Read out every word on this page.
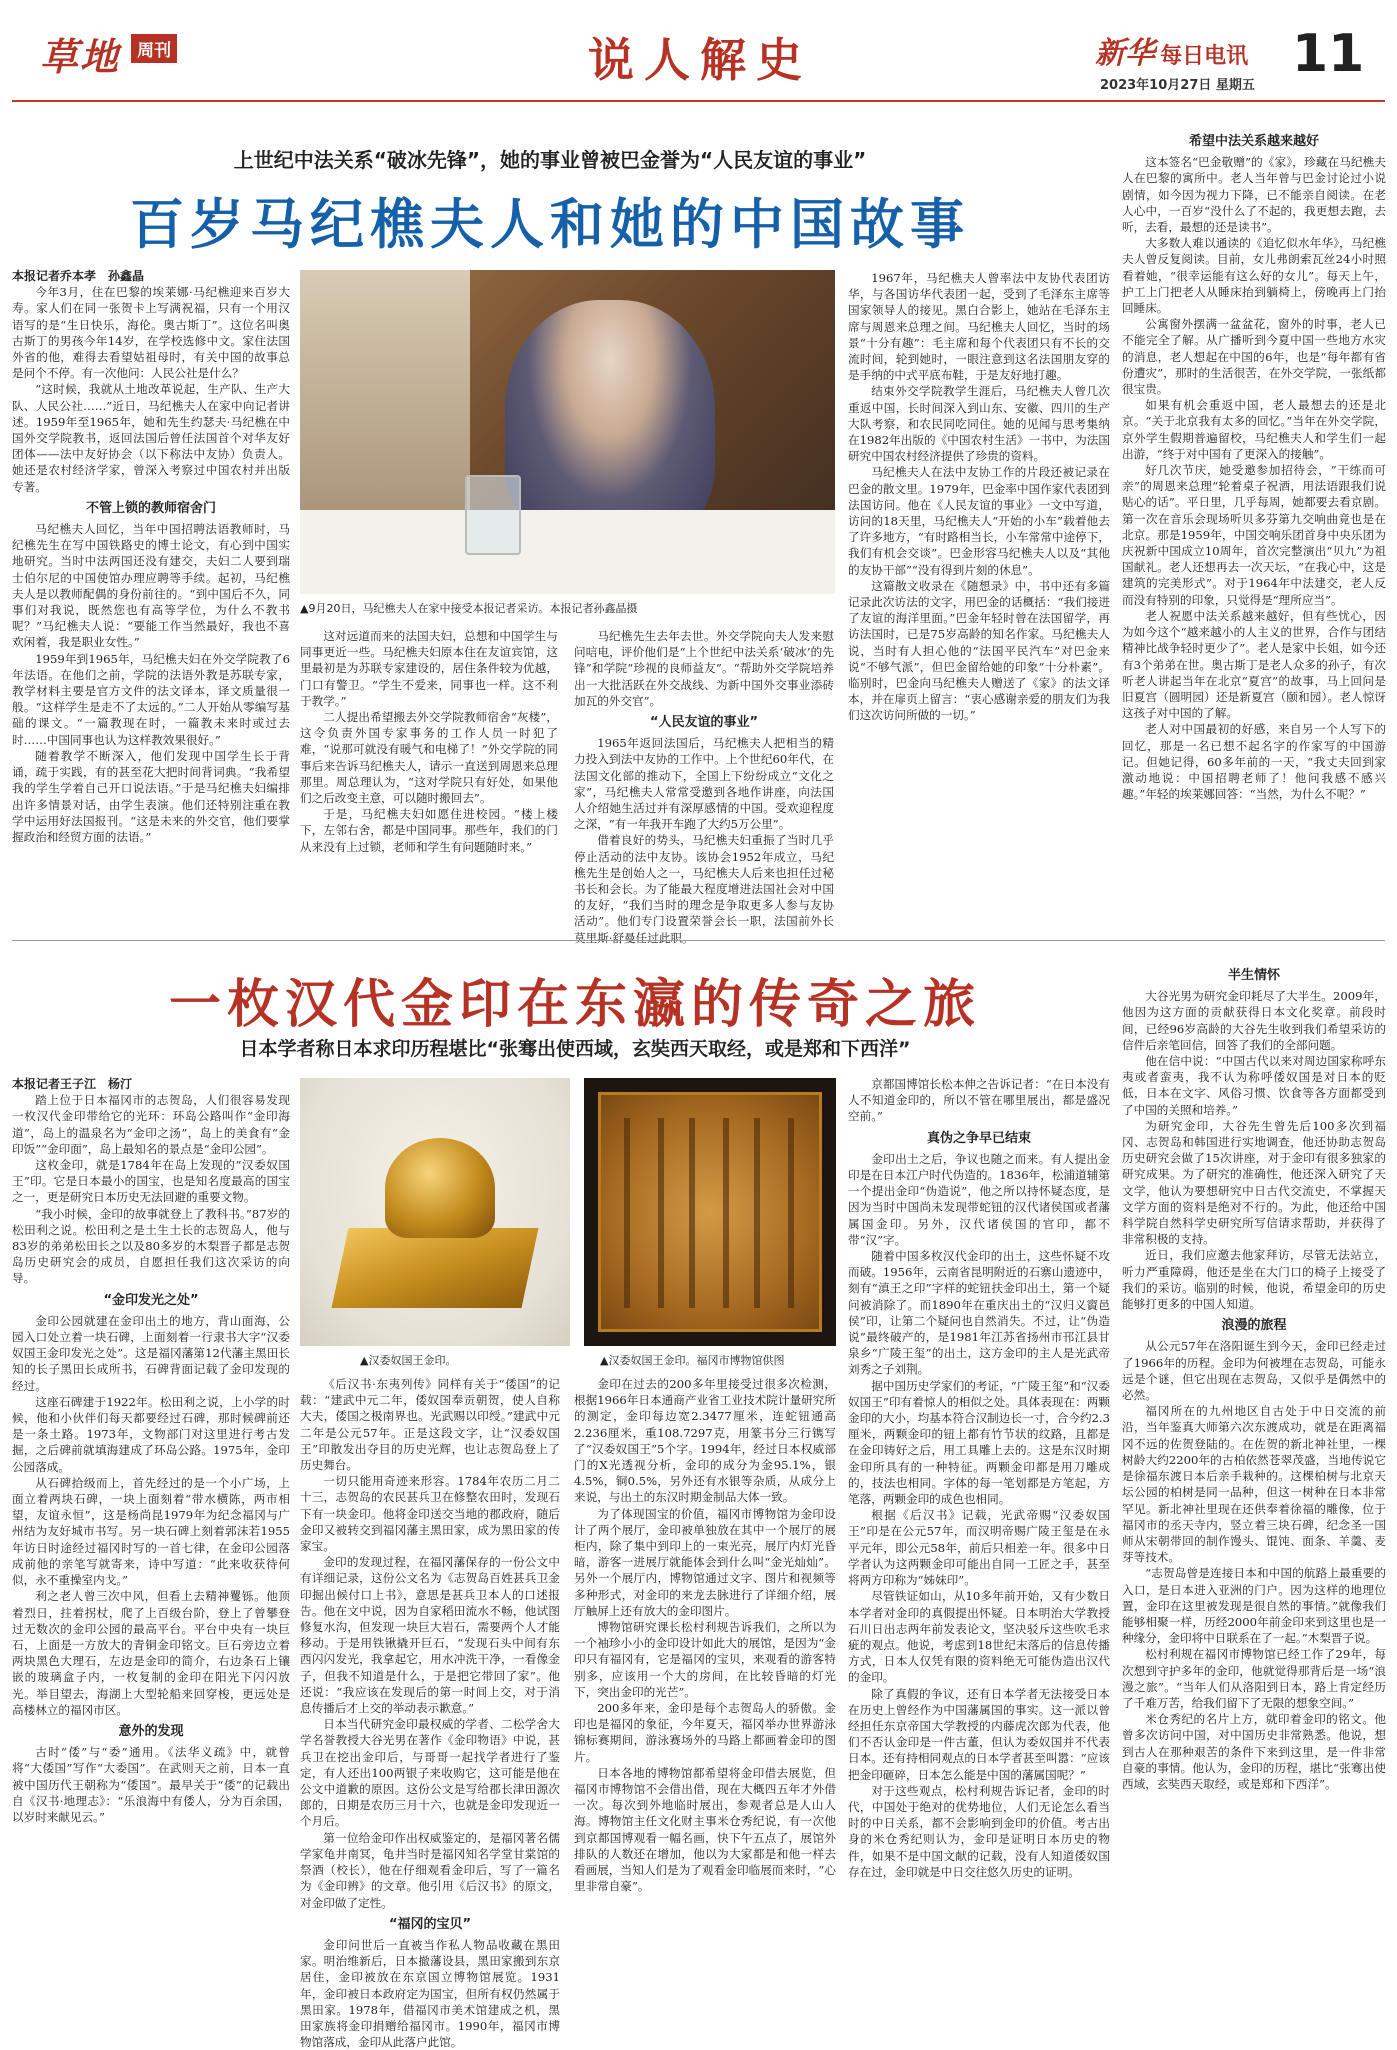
草地 周刊	说人解史	新华 每日电讯
2023年10月27日 星期五
11
上世纪中法关系“破冰先锋”，她的事业曾被巴金誉为“人民友谊的事业”
百岁马纪樵夫人和她的中国故事

本报记者乔本孝　孙鑫晶

今年3月，住在巴黎的埃莱娜·马纪樵迎来百岁大寿。家人们在同一张贺卡上写满祝福，只有一个用汉语写的是“生日快乐，海伦。奥古斯丁”。这位名叫奥古斯丁的男孩今年14岁，在学校选修中文。家住法国外省的他，难得去看望姑祖母时，有关中国的故事总是问个不停。有一次他问：人民公社是什么？

“这时候，我就从土地改革说起，生产队、生产大队、人民公社……”近日，马纪樵夫人在家中向记者讲述。1959年至1965年，她和先生约瑟夫·马纪樵在中国外交学院教书，返回法国后曾任法国首个对华友好团体——法中友好协会（以下称法中友协）负责人。她还是农村经济学家，曾深入考察过中国农村并出版专著。

不管上锁的教师宿舍门

马纪樵夫人回忆，当年中国招聘法语教师时，马纪樵先生在写中国铁路史的博士论文，有心到中国实地研究。当时中法两国还没有建交，夫妇二人要到瑞士伯尔尼的中国使馆办理应聘等手续。起初，马纪樵夫人是以教师配偶的身份前往的。“到中国后不久，同事们对我说，既然您也有高等学位，为什么不教书呢？”马纪樵夫人说：“要能工作当然最好，我也不喜欢闲着，我是职业女性。”

1959年到1965年，马纪樵夫妇在外交学院教了6年法语。在他们之前，学院的法语外教是苏联专家，教学材料主要是官方文件的法文译本，译文质量很一般。“这样学生是走不了太远的。”二人开始从零编写基础的课文。“一篇教现在时，一篇教未来时或过去时……中国同事也认为这样教效果很好。”

随着教学不断深入，他们发现中国学生长于背诵，疏于实践，有的甚至花大把时间背词典。“我希望我的学生学着自己开口说法语。”于是马纪樵夫妇编排出许多情景对话，由学生表演。他们还特别注重在教学中运用好法国报刊。“这是未来的外交官，他们要掌握政治和经贸方面的法语。”

▲9月20日，马纪樵夫人在家中接受本报记者采访。本报记者孙鑫晶摄

这对远道而来的法国夫妇，总想和中国学生与同事更近一些。马纪樵夫妇原本住在友谊宾馆，这里最初是为苏联专家建设的，居住条件较为优越，门口有警卫。“学生不爱来，同事也一样。这不利于教学。”

二人提出希望搬去外交学院教师宿舍“灰楼”，这令负责外国专家事务的工作人员一时犯了难，“说那可就没有暖气和电梯了！”外交学院的同事后来告诉马纪樵夫人，请示一直送到周恩来总理那里。周总理认为，“这对学院只有好处，如果他们之后改变主意，可以随时搬回去”。

于是，马纪樵夫妇如愿住进校园。“楼上楼下，左邻右舍，都是中国同事。那些年，我们的门从来没有上过锁，老师和学生有问题随时来。”

马纪樵先生去年去世。外交学院向夫人发来慰问唁电，评价他们是“上个世纪中法关系‘破冰’的先锋”和学院“珍视的良师益友”。“帮助外交学院培养出一大批活跃在外交战线、为新中国外交事业添砖加瓦的外交官”。

“人民友谊的事业”

1965年返回法国后，马纪樵夫人把相当的精力投入到法中友协的工作中。上个世纪60年代，在法国文化部的推动下，全国上下纷纷成立“文化之家”，马纪樵夫人常常受邀到各地作讲座，向法国人介绍她生活过并有深厚感情的中国。受欢迎程度之深，“有一年我开车跑了大约5万公里”。

借着良好的势头，马纪樵夫妇重振了当时几乎停止活动的法中友协。该协会1952年成立，马纪樵先生是创始人之一，马纪樵夫人后来也担任过秘书长和会长。为了能最大程度增进法国社会对中国的友好，“我们当时的理念是争取更多人参与友协活动”。他们专门设置荣誉会长一职，法国前外长莫里斯·舒曼任过此职。

1967年，马纪樵夫人曾率法中友协代表团访华，与各国访华代表团一起，受到了毛泽东主席等国家领导人的接见。黑白合影上，她站在毛泽东主席与周恩来总理之间。马纪樵夫人回忆，当时的场景“十分有趣”：毛主席和每个代表团只有不长的交流时间，轮到她时，一眼注意到这名法国朋友穿的是手纳的中式平底布鞋，于是友好地打趣。

结束外交学院教学生涯后，马纪樵夫人曾几次重返中国，长时间深入到山东、安徽、四川的生产大队考察，和农民同吃同住。她的见闻与思考集纳在1982年出版的《中国农村生活》一书中，为法国研究中国农村经济提供了珍贵的资料。

马纪樵夫人在法中友协工作的片段还被记录在巴金的散文里。1979年，巴金率中国作家代表团到法国访问。他在《人民友谊的事业》一文中写道，访问的18天里，马纪樵夫人“开始的小车”载着他去了许多地方，“有时路相当长，小车常常中途停下，我们有机会交谈”。巴金形容马纪樵夫人以及“其他的友协干部”“没有得到片刻的休息”。

这篇散文收录在《随想录》中，书中还有多篇记录此次访法的文字，用巴金的话概括：“我们接进了友谊的海洋里面。”巴金年轻时曾在法国留学，再访法国时，已是75岁高龄的知名作家。马纪樵夫人说，当时有人担心他的“法国平民汽车”对巴金来说“不够气派”，但巴金留给她的印象“十分朴素”。临别时，巴金向马纪樵夫人赠送了《家》的法文译本，并在扉页上留言：“衷心感谢亲爱的朋友们为我们这次访问所做的一切。”

希望中法关系越来越好

这本签名“巴金敬赠”的《家》，珍藏在马纪樵夫人在巴黎的寓所中。老人当年曾与巴金讨论过小说剧情，如今因为视力下降，已不能亲自阅读。在老人心中，一百岁“没什么了不起的，我更想去跑，去听，去看，最想的还是读书”。

大多数人难以通读的《追忆似水年华》，马纪樵夫人曾反复阅读。目前，女儿弗朗索瓦丝24小时照看着她，“很幸运能有这么好的女儿”。每天上午，护工上门把老人从睡床抬到躺椅上，傍晚再上门抬回睡床。

公寓窗外摆满一盆盆花，窗外的时事，老人已不能完全了解。从广播听到今夏中国一些地方水灾的消息，老人想起在中国的6年，也是“每年都有省份遭灾”，那时的生活很苦，在外交学院，一张纸都很宝贵。

如果有机会重返中国，老人最想去的还是北京。“关于北京我有太多的回忆。”当年在外交学院，京外学生假期普遍留校，马纪樵夫人和学生们一起出游，“终于对中国有了更深入的接触”。

好几次节庆，她受邀参加招待会，“干练而可亲”的周恩来总理“轮着桌子祝酒，用法语跟我们说贴心的话”。平日里，几乎每周，她都要去看京剧。第一次在音乐会现场听贝多芬第九交响曲竟也是在北京。那是1959年，中国交响乐团首身中央乐团为庆祝新中国成立10周年，首次完整演出“贝九”为祖国献礼。老人还想再去一次天坛，“在我心中，这是建筑的完美形式”。对于1964年中法建交，老人反而没有特别的印象，只觉得是“理所应当”。

老人祝愿中法关系越来越好，但有些忧心，因为如今这个“越来越小的人主义的世界，合作与团结精神比战争轻时更少了”。老人是家中长姐，如今还有3个弟弟在世。奥古斯丁是老人众多的孙子，有次听老人讲起当年在北京“夏宫”的故事，马上回问是旧夏宫（圆明园）还是新夏宫（颐和园）。老人惊讶这孩子对中国的了解。

老人对中国最初的好感，来自另一个人写下的回忆，那是一名已想不起名字的作家写的中国游记。但她记得，60多年前的一天，“我丈夫回到家激动地说：中国招聘老师了！他问我感不感兴趣。”年轻的埃莱娜回答：“当然，为什么不呢？”

一枚汉代金印在东瀛的传奇之旅
日本学者称日本求印历程堪比“张骞出使西域，玄奘西天取经，或是郑和下西洋”

本报记者王子江　杨汀

踏上位于日本福冈市的志贺岛，人们很容易发现一枚汉代金印带给它的光环：环岛公路叫作“金印海道”，岛上的温泉名为“金印之汤”，岛上的美食有“金印饭”“金印面”，岛上最知名的景点是“金印公园”。

这枚金印，就是1784年在岛上发现的“汉委奴国王”印。它是日本最小的国宝，也是知名度最高的国宝之一，更是研究日本历史无法回避的重要文物。

“我小时候，金印的故事就登上了教科书。”87岁的松田利之说。松田利之是土生土长的志贺岛人，他与83岁的弟弟松田长之以及80多岁的木梨晋子都是志贺岛历史研究会的成员，自愿担任我们这次采访的向导。

“金印发光之处”

金印公园就建在金印出土的地方，背山面海，公园入口处立着一块石碑，上面刻着一行隶书大字“汉委奴国王金印发光之处”。这是福冈藩第12代藩主黑田长知的长子黑田长成所书，石碑背面记载了金印发现的经过。

这座石碑建于1922年。松田利之说，上小学的时候，他和小伙伴们每天都要经过石碑，那时候碑前还是一条土路。1973年，文物部门对这里进行考古发掘，之后碑前就填海建成了环岛公路。1975年，金印公园落成。

从石碑拾级而上，首先经过的是一个小广场，上面立着两块石碑，一块上面刻着“带水横陈，两市相望，友谊永恒”，这是杨尚昆1979年为纪念福冈与广州结为友好城市书写。另一块石碑上刻着郭沫若1955年访日时途经过福冈时写的一首七律，在金印公园落成前他的亲笔写就寄来，诗中写道：“此来收获待何似，永不重操室内戈。”

利之老人曾三次中风，但看上去精神矍铄。他顶着烈日，拄着拐杖，爬了上百级台阶，登上了曾攀登过无数次的金印公园的最高平台。平台中央有一块巨石，上面是一方放大的青铜金印铭文。巨石旁边立着两块黑色大理石，左边是金印的简介，右边条石上镶嵌的玻璃盒子内，一枚复制的金印在阳光下闪闪放光。举目望去，海湖上大型轮船来回穿梭，更远处是高楼林立的福冈市区。

意外的发现

古时“倭”与“委”通用。《法华义疏》中，就曾将“大倭国”写作“大委国”。在武则天之前，日本一直被中国历代王朝称为“倭国”。最早关于“倭”的记载出自《汉书·地理志》：“乐浪海中有倭人，分为百余国，以岁时来献见云。”

▲汉委奴国王金印。	▲汉委奴国王金印。福冈市博物馆供图

《后汉书·东夷列传》同样有关于“倭国”的记载：“建武中元二年，倭奴国奉贡朝贺，使人自称大夫，倭国之极南界也。光武赐以印绶。”建武中元二年是公元57年。正是这段文字，让“汉委奴国王”印散发出夺目的历史光辉，也让志贺岛登上了历史舞台。

一切只能用奇迹来形容。1784年农历二月二十三，志贺岛的农民甚兵卫在修整农田时，发现石下有一块金印。他将金印送交当地的郡政府，随后金印又被转交到福冈藩主黑田家，成为黑田家的传家宝。

金印的发现过程，在福冈藩保存的一份公文中有详细记录，这份公文名为《志贺岛百姓甚兵卫金印掘出候付口上书》，意思是甚兵卫本人的口述报告。他在文中说，因为自家稻田流水不畅，他试图修复水沟，但发现一块巨大岩石，需要两个人才能移动。于是用铁锹撬开巨石，“发现石头中间有东西闪闪发光，我拿起它，用水冲洗干净，一看像金子，但我不知道是什么，于是把它带回了家”。他还说：“我应该在发现后的第一时间上交，对于消息传播后才上交的举动表示歉意。”

日本当代研究金印最权威的学者、二松学舍大学名誉教授大谷光男在著作《金印物语》中说，甚兵卫在挖出金印后，与哥哥一起找学者进行了鉴定，有人还出100两银子来收购它，这可能是他在公文中道歉的原因。这份公文是写给郡长津田源次郎的，日期是农历三月十六，也就是金印发现近一个月后。

第一位给金印作出权威鉴定的，是福冈著名儒学家龟井南冥，龟井当时是福冈知名学堂甘棠馆的祭酒（校长），他在仔细观看金印后，写了一篇名为《金印辨》的文章。他引用《后汉书》的原文，对金印做了定性。

“福冈的宝贝”

金印问世后一直被当作私人物品收藏在黑田家。明治维新后，日本撤藩设县，黑田家搬到东京居住，金印被放在东京国立博物馆展览。1931年，金印被日本政府定为国宝，但所有权仍然属于黑田家。1978年，借福冈市美术馆建成之机，黑田家族将金印捐赠给福冈市。1990年，福冈市博物馆落成，金印从此落户此馆。

金印在过去的200多年里接受过很多次检测，根据1966年日本通商产业省工业技术院计量研究所的测定，金印每边宽2.3477厘米，连蛇钮通高2.236厘米，重108.7297克，用篆书分三行镌写了“汉委奴国王”5个字。1994年，经过日本权威部门的X光透视分析，金印的成分为金95.1%，银4.5%，铜0.5%，另外还有水银等杂质，从成分上来说，与出土的东汉时期金制品大体一致。

为了体现国宝的价值，福冈市博物馆为金印设计了两个展厅，金印被单独放在其中一个展厅的展柜内，除了集中到印上的一束光亮，展厅内灯光昏暗，游客一进展厅就能体会到什么叫“金光灿灿”。另外一个展厅内，博物馆通过文字、图片和视频等多种形式，对金印的来龙去脉进行了详细介绍，展厅触屏上还有放大的金印图片。

博物馆研究课长松村利规告诉我们，之所以为一个袖珍小小的金印设计如此大的展馆，是因为“金印只有福冈有，它是福冈的宝贝，来观看的游客特别多，应该用一个大的房间，在比较昏暗的灯光下，突出金印的光芒”。

200多年来，金印是每个志贺岛人的骄傲。金印也是福冈的象征，今年夏天，福冈举办世界游泳锦标赛期间，游泳赛场外的马路上都画着金印的图片。

日本各地的博物馆都希望将金印借去展览，但福冈市博物馆不会借出借，现在大概四五年才外借一次。每次到外地临时展出，参观者总是人山人海。博物馆主任文化财主事米仓秀纪说，有一次他到京都国博观看一幅名画，快下午五点了，展馆外排队的人数还在增加，他以为大家都是和他一样去看画展，当知人们是为了观看金印临展而来时，“心里非常自豪”。

京都国博馆长松本伸之告诉记者：“在日本没有人不知道金印的，所以不管在哪里展出，都是盛况空前。”

真伪之争早已结束

金印出土之后，争议也随之而来。有人提出金印是在日本江户时代伪造的。1836年，松浦道辅第一个提出金印“伪造说”，他之所以持怀疑态度，是因为当时中国尚未发现带蛇钮的汉代诸侯国或者藩属国金印。另外，汉代诸侯国的官印，都不带“汉”字。

随着中国多枚汉代金印的出土，这些怀疑不攻而破。1956年，云南省昆明附近的石寨山遗迹中，刻有“滇王之印”字样的蛇钮扶金印出土，第一个疑问被消除了。而1890年在重庆出土的“汉归义賨邑侯”印，让第二个疑问也自然消失。不过，让“伪造说”最终破产的，是1981年江苏省扬州市邗江县甘泉乡“广陵王玺”的出土，这方金印的主人是光武帝刘秀之子刘荆。

据中国历史学家们的考证，“广陵王玺”和“汉委奴国王”印有着惊人的相似之处。具体表现在：两颗金印的大小，均基本符合汉制边长一寸，合今约2.3厘米，两颗金印的钮上都有竹节状的纹路，且都是在金印铸好之后，用工具雕上去的。这是东汉时期金印所具有的一种特征。两颗金印都是用刀雕成的，技法也相同。字体的每一笔划都是方笔起，方笔落，两颗金印的成色也相同。

根据《后汉书》记载，光武帝赐“汉委奴国王”印是在公元57年，而汉明帝赐广陵王玺是在永平元年，即公元58年，前后只相差一年。很多中日学者认为这两颗金印可能出自同一工匠之手，甚至将两方印称为“姊妹印”。

尽管铁证如山，从10多年前开始，又有少数日本学者对金印的真假提出怀疑。日本明治大学教授石川日出志两年前发表论文，坚决驳斥这些吹毛求疵的观点。他说，考虑到18世纪末落后的信息传播方式，日本人仅凭有限的资料绝无可能伪造出汉代的金印。

除了真假的争议，还有日本学者无法接受日本在历史上曾经作为中国藩属国的事实。这一派以曾经担任东京帝国大学教授的内藤虎次郎为代表，他们不否认金印是一件古董，但认为委奴国并不代表日本。还有持相同观点的日本学者甚至叫嚣：“应该把金印砸碎，日本怎么能是中国的藩属国呢？”

对于这些观点，松村利规告诉记者，金印的时代，中国处于绝对的优势地位，人们无论怎么看当时的中日关系，都不会影响到金印的价值。考古出身的米仓秀纪则认为，金印是证明日本历史的物件，如果不是中国文献的记载，没有人知道倭奴国存在过，金印就是中日交往悠久历史的证明。

半生情怀

大谷光男为研究金印耗尽了大半生。2009年，他因为这方面的贡献获得日本文化奖章。前段时间，已经96岁高龄的大谷先生收到我们希望采访的信件后亲笔回信，回答了我们的全部问题。

他在信中说：“中国古代以来对周边国家称呼东夷或者蛮夷，我不认为称呼倭奴国是对日本的贬低，日本在文字、风俗习惯、饮食等各方面都受到了中国的关照和培养。”

为研究金印，大谷先生曾先后100多次到福冈、志贺岛和韩国进行实地调查，他还协助志贺岛历史研究会做了15次讲座，对于金印有很多独家的研究成果。为了研究的准确性，他还深入研究了天文学，他认为要想研究中日古代交流史，不掌握天文学方面的资料是绝对不行的。为此，他还给中国科学院自然科学史研究所写信请求帮助，并获得了非常积极的支持。

近日，我们应邀去他家拜访，尽管无法站立，听力严重障碍，他还是坐在大门口的椅子上接受了我们的采访。临别的时候，他说，希望金印的历史能够打更多的中国人知道。

浪漫的旅程

从公元57年在洛阳诞生到今天，金印已经走过了1966年的历程。金印为何被埋在志贺岛，可能永远是个谜，但它出现在志贺岛，又似乎是偶然中的必然。

福冈所在的九州地区自古处于中日交流的前沿，当年鉴真大师第六次东渡成功，就是在距离福冈不远的佐贺登陆的。在佐贺的新北神社里，一棵树龄大约2200年的古柏依然苍翠茂盛，当地传说它是徐福东渡日本后亲手栽种的。这棵柏树与北京天坛公园的柏树是同一品种，但这一树种在日本非常罕见。新北神社里现在还供奉着徐福的雕像，位于福冈市的丞天寺内，竖立着三块石碑，纪念圣一国师从宋朝带回的制作馒头、馄饨、面条、羊羹、麦芽等技术。

“志贺岛曾是连接日本和中国的航路上最重要的入口，是日本进入亚洲的门户。因为这样的地理位置，金印在这里被发现是很自然的事情。”就像我们能够相聚一样，历经2000年前金印来到这里也是一种缘分，金印将中日联系在了一起。”木梨晋子说。

松村利规在福冈市博物馆已经工作了29年，每次想到守护多年的金印，他就觉得那背后是一场“浪漫之旅”。“当年人们从洛阳到日本，路上肯定经历了千难万苦，给我们留下了无限的想象空间。”

米仓秀纪的名片上方，就印着金印的铭文。他曾多次访问中国，对中国历史非常熟悉。他说，想到古人在那种艰苦的条件下来到这里，是一件非常自豪的事情。他认为，金印的历程，堪比“张骞出使西域，玄奘西天取经，或是郑和下西洋”。
